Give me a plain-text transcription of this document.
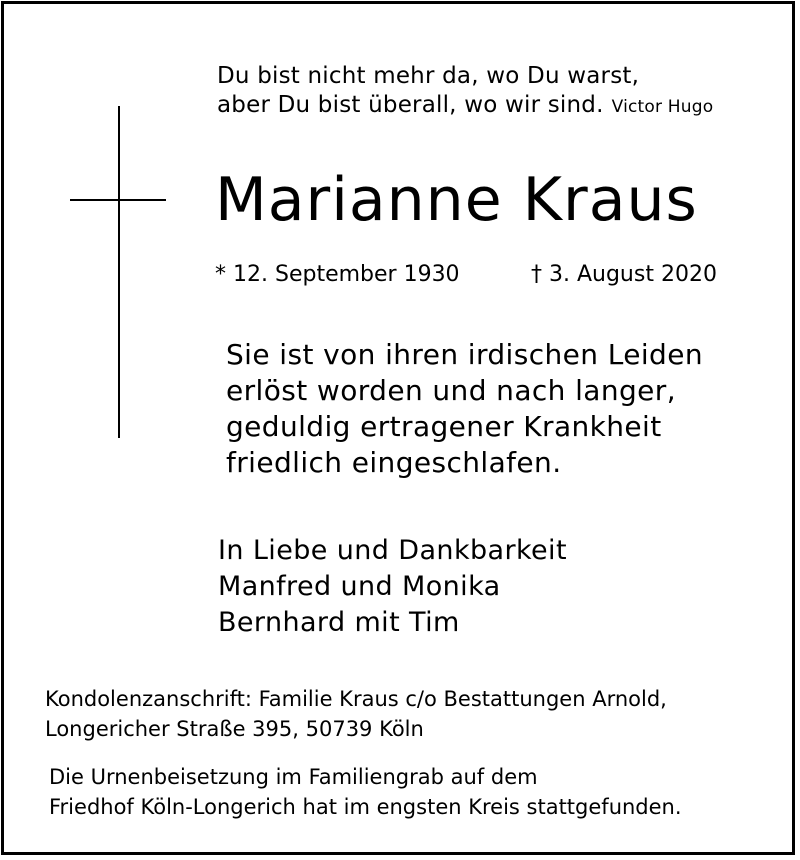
Du bist nicht mehr da, wo Du warst,
aber Du bist überall, wo wir sind. Victor Hugo
Marianne Kraus
* 12. September 1930	† 3. August 2020
Sie ist von ihren irdischen Leiden
erlöst worden und nach langer,
geduldig ertragener Krankheit
friedlich eingeschlafen.
In Liebe und Dankbarkeit
Manfred und Monika
Bernhard mit Tim
Kondolenzanschrift: Familie Kraus c/o Bestattungen Arnold,
Longericher Straße 395, 50739 Köln
Die Urnenbeisetzung im Familiengrab auf dem
Friedhof Köln-Longerich hat im engsten Kreis stattgefunden.
